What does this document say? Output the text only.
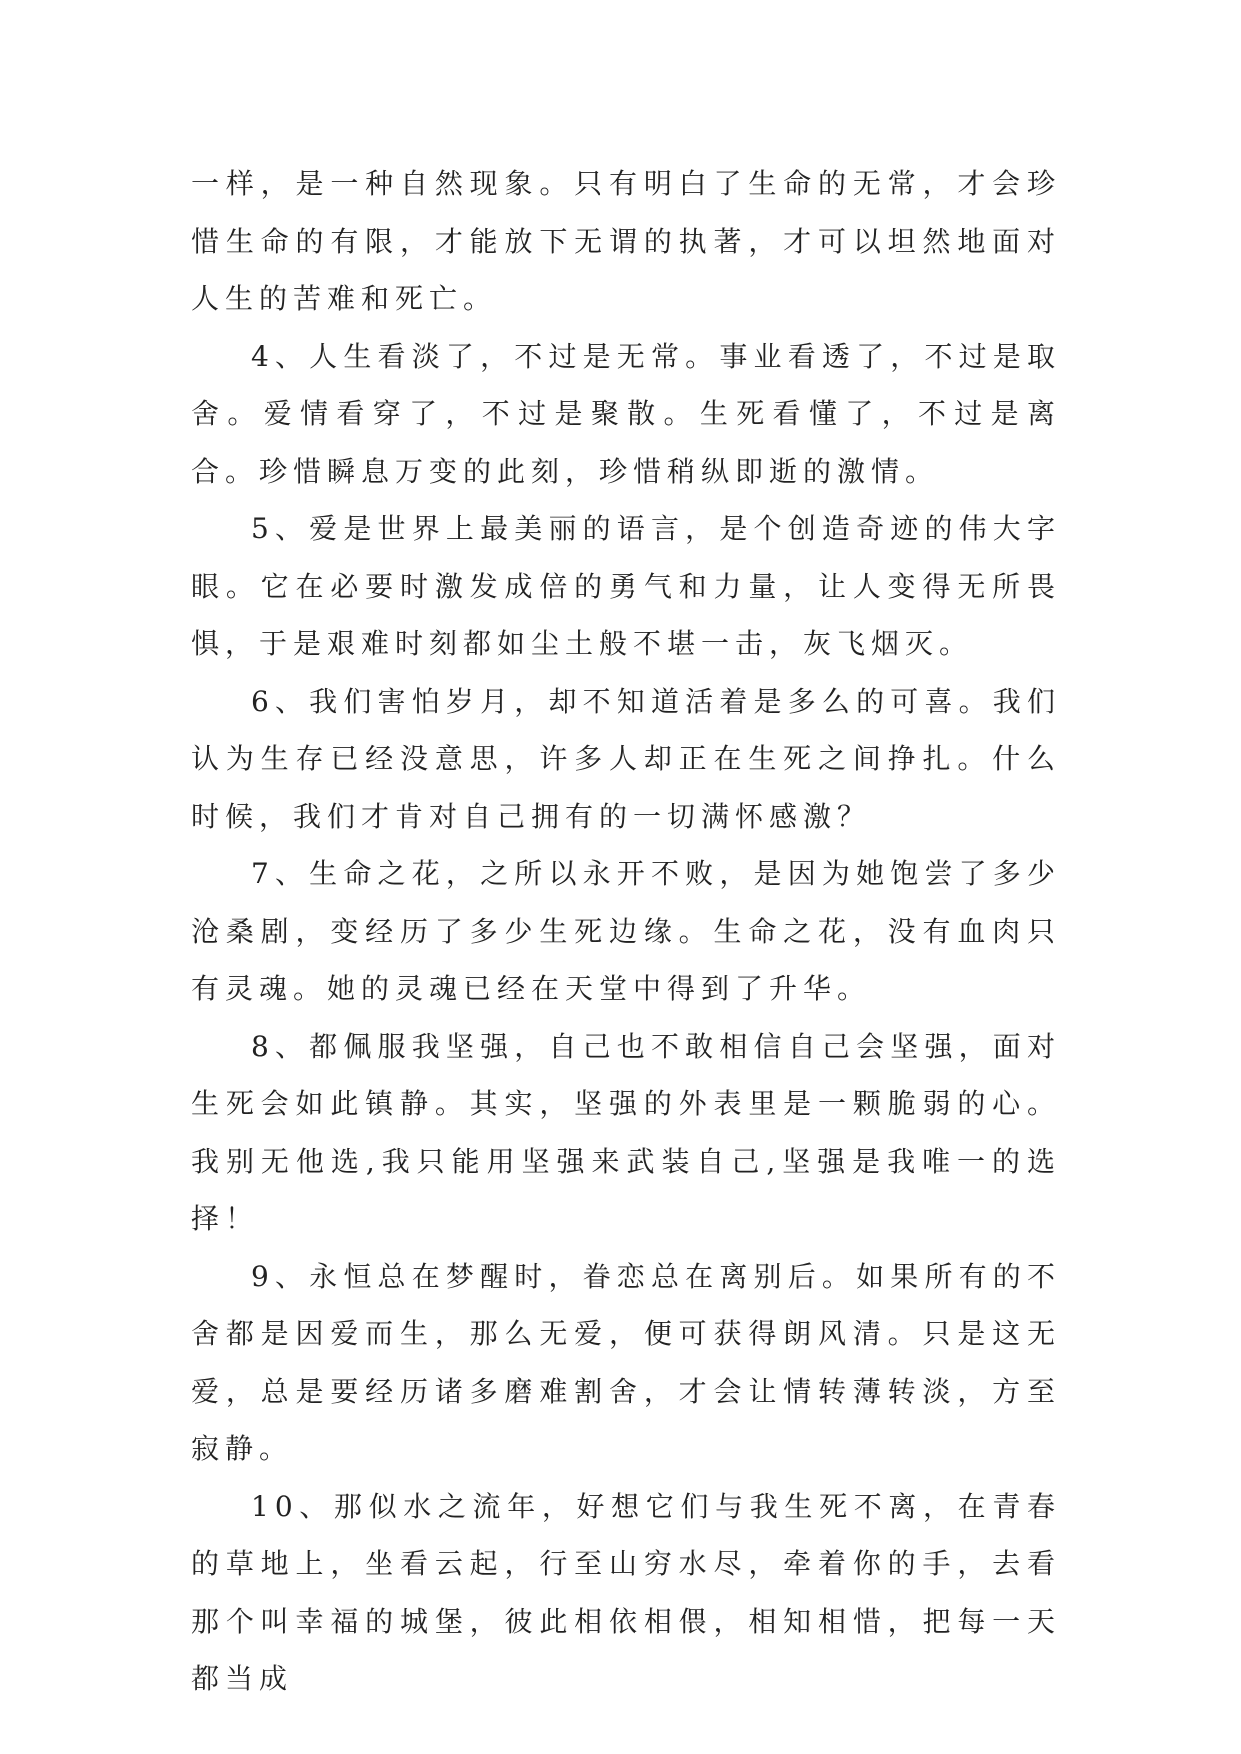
一样，是一种自然现象。只有明白了生命的无常，才会珍惜生命的有限，才能放下无谓的执著，才可以坦然地面对人生的苦难和死亡。

4、人生看淡了，不过是无常。事业看透了，不过是取舍。爱情看穿了，不过是聚散。生死看懂了，不过是离合。珍惜瞬息万变的此刻，珍惜稍纵即逝的激情。

5、爱是世界上最美丽的语言，是个创造奇迹的伟大字眼。它在必要时激发成倍的勇气和力量，让人变得无所畏惧，于是艰难时刻都如尘土般不堪一击，灰飞烟灭。

6、我们害怕岁月，却不知道活着是多么的可喜。我们认为生存已经没意思，许多人却正在生死之间挣扎。什么时候，我们才肯对自己拥有的一切满怀感激？

7、生命之花，之所以永开不败，是因为她饱尝了多少沧桑剧，变经历了多少生死边缘。生命之花，没有血肉只有灵魂。她的灵魂已经在天堂中得到了升华。

8、都佩服我坚强，自己也不敢相信自己会坚强，面对生死会如此镇静。其实，坚强的外表里是一颗脆弱的心。我别无他选,我只能用坚强来武装自己,坚强是我唯一的选择！

9、永恒总在梦醒时，眷恋总在离别后。如果所有的不舍都是因爱而生，那么无爱，便可获得朗风清。只是这无爱，总是要经历诸多磨难割舍，才会让情转薄转淡，方至寂静。

10、那似水之流年，好想它们与我生死不离，在青春的草地上，坐看云起，行至山穷水尽，牵着你的手，去看那个叫幸福的城堡，彼此相依相偎，相知相惜，把每一天都当成
